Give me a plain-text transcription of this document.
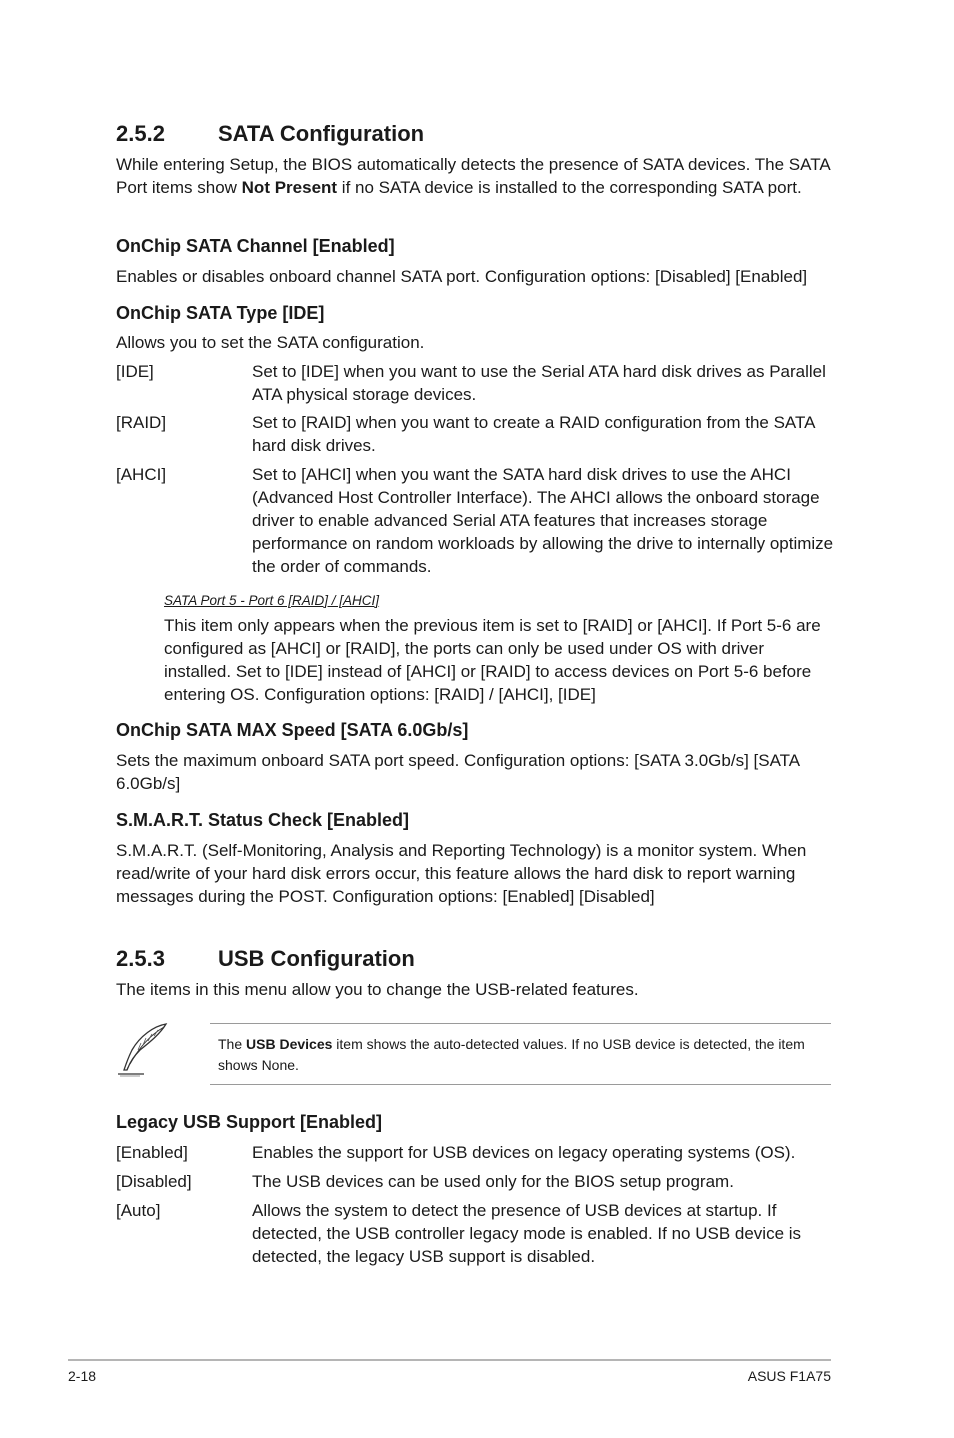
2.5.2 SATA Configuration

While entering Setup, the BIOS automatically detects the presence of SATA devices. The SATA Port items show Not Present if no SATA device is installed to the corresponding SATA port.

OnChip SATA Channel [Enabled]

Enables or disables onboard channel SATA port. Configuration options: [Disabled] [Enabled]

OnChip SATA Type [IDE]

Allows you to set the SATA configuration.

[IDE]	Set to [IDE] when you want to use the Serial ATA hard disk drives as Parallel ATA physical storage devices.
[RAID]	Set to [RAID] when you want to create a RAID configuration from the SATA hard disk drives.
[AHCI]	Set to [AHCI] when you want the SATA hard disk drives to use the AHCI (Advanced Host Controller Interface). The AHCI allows the onboard storage driver to enable advanced Serial ATA features that increases storage performance on random workloads by allowing the drive to internally optimize the order of commands.
SATA Port 5 - Port 6 [RAID] / [AHCI]

This item only appears when the previous item is set to [RAID] or [AHCI]. If Port 5-6 are configured as [AHCI] or [RAID], the ports can only be used under OS with driver installed. Set to [IDE] instead of [AHCI] or [RAID] to access devices on Port 5-6 before entering OS. Configuration options: [RAID] / [AHCI], [IDE]

OnChip SATA MAX Speed [SATA 6.0Gb/s]

Sets the maximum onboard SATA port speed. Configuration options: [SATA 3.0Gb/s] [SATA 6.0Gb/s]

S.M.A.R.T. Status Check [Enabled]

S.M.A.R.T. (Self-Monitoring, Analysis and Reporting Technology) is a monitor system. When read/write of your hard disk errors occur, this feature allows the hard disk to report warning messages during the POST. Configuration options: [Enabled] [Disabled]

2.5.3 USB Configuration

The items in this menu allow you to change the USB-related features.

The USB Devices item shows the auto-detected values. If no USB device is detected, the item shows None.
Legacy USB Support [Enabled]
[Enabled]	Enables the support for USB devices on legacy operating systems (OS).
[Disabled]	The USB devices can be used only for the BIOS setup program.
[Auto]	Allows the system to detect the presence of USB devices at startup. If detected, the USB controller legacy mode is enabled. If no USB device is detected, the legacy USB support is disabled.
2-18	ASUS F1A75
